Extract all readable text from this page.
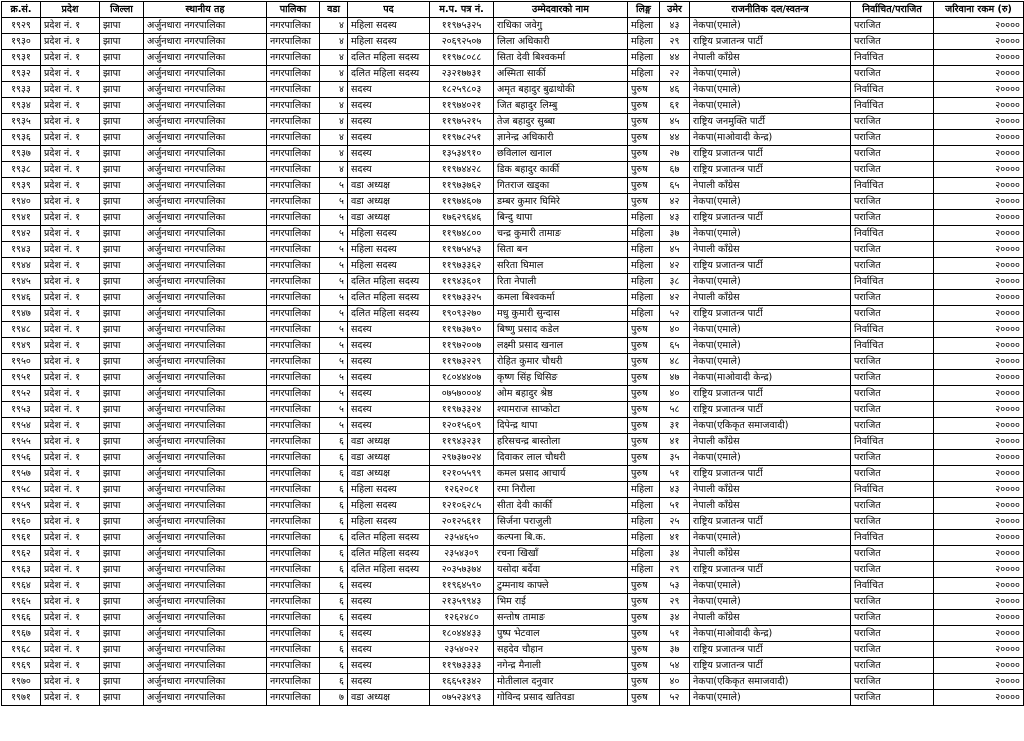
क्र.सं.	प्रदेश	जिल्ला	स्थानीय तह	पालिका	वडा	पद	म.प. पत्र नं.	उम्मेदवारको नाम	लिङ्ग	उमेर	राजनीतिक दल/स्वतन्त्र	निर्वाचित/पराजित	जरिवाना रकम (रु)
१९२९	प्रदेश नं. १	झापा	अर्जुनधारा नगरपालिका	नगरपालिका	४	महिला सदस्य	११९७५३२५	राधिका जवेगु	महिला	४३	नेकपा(एमाले)	पराजित	२००००
१९३०	प्रदेश नं. १	झापा	अर्जुनधारा नगरपालिका	नगरपालिका	४	महिला सदस्य	२०६९२५०७	लिला अधिकारी	महिला	२९	राष्ट्रिय प्रजातन्त्र पार्टी	पराजित	२००००
१९३१	प्रदेश नं. १	झापा	अर्जुनधारा नगरपालिका	नगरपालिका	४	दलित महिला सदस्य	११९७८०८८	सिता देवी बिश्वकर्मा	महिला	४४	नेपाली काँग्रेस	निर्वाचित	२००००
१९३२	प्रदेश नं. १	झापा	अर्जुनधारा नगरपालिका	नगरपालिका	४	दलित महिला सदस्य	२३२१७७३१	अस्मिता सार्की	महिला	२२	नेकपा(एमाले)	पराजित	२००००
१९३३	प्रदेश नं. १	झापा	अर्जुनधारा नगरपालिका	नगरपालिका	४	सदस्य	१८२५९८०३	अमृत बहादुर बुढाथोकी	पुरुष	४६	नेकपा(एमाले)	निर्वाचित	२००००
१९३४	प्रदेश नं. १	झापा	अर्जुनधारा नगरपालिका	नगरपालिका	४	सदस्य	११९७४०२१	जित बहादुर लिम्बु	पुरुष	६१	नेकपा(एमाले)	निर्वाचित	२००००
१९३५	प्रदेश नं. १	झापा	अर्जुनधारा नगरपालिका	नगरपालिका	४	सदस्य	११९७५२१५	तेज बहादुर सुब्बा	पुरुष	४५	राष्ट्रिय जनमुक्ति पार्टी	पराजित	२००००
१९३६	प्रदेश नं. १	झापा	अर्जुनधारा नगरपालिका	नगरपालिका	४	सदस्य	११९७८२५१	ज्ञानेन्द्र अधिकारी	पुरुष	४४	नेकपा(माओवादी केन्द्र)	पराजित	२००००
१९३७	प्रदेश नं. १	झापा	अर्जुनधारा नगरपालिका	नगरपालिका	४	सदस्य	१३५३४९१०	छविलाल खनाल	पुरुष	२७	राष्ट्रिय प्रजातन्त्र पार्टी	पराजित	२००००
१९३८	प्रदेश नं. १	झापा	अर्जुनधारा नगरपालिका	नगरपालिका	४	सदस्य	११९७४४२८	डिक बहादुर कार्की	पुरुष	६७	राष्ट्रिय प्रजातन्त्र पार्टी	पराजित	२००००
१९३९	प्रदेश नं. १	झापा	अर्जुनधारा नगरपालिका	नगरपालिका	५	वडा अध्यक्ष	११९७३७६२	गितराज खड्का	पुरुष	६५	नेपाली काँग्रेस	निर्वाचित	२००००
१९४०	प्रदेश नं. १	झापा	अर्जुनधारा नगरपालिका	नगरपालिका	५	वडा अध्यक्ष	११९७४६०७	डम्बर कुमार घिमिरे	पुरुष	४२	नेकपा(एमाले)	पराजित	२००००
१९४१	प्रदेश नं. १	झापा	अर्जुनधारा नगरपालिका	नगरपालिका	५	वडा अध्यक्ष	१७६२९६४६	बिन्दु थापा	महिला	४३	राष्ट्रिय प्रजातन्त्र पार्टी	पराजित	२००००
१९४२	प्रदेश नं. १	झापा	अर्जुनधारा नगरपालिका	नगरपालिका	५	महिला सदस्य	११९७४८००	चन्द्र कुमारी तामाङ	महिला	३७	नेकपा(एमाले)	निर्वाचित	२००००
१९४३	प्रदेश नं. १	झापा	अर्जुनधारा नगरपालिका	नगरपालिका	५	महिला सदस्य	११९७५४५३	सिता बन	महिला	४५	नेपाली काँग्रेस	पराजित	२००००
१९४४	प्रदेश नं. १	झापा	अर्जुनधारा नगरपालिका	नगरपालिका	५	महिला सदस्य	११९७३३६२	सरिता घिमाल	महिला	४२	राष्ट्रिय प्रजातन्त्र पार्टी	पराजित	२००००
१९४५	प्रदेश नं. १	झापा	अर्जुनधारा नगरपालिका	नगरपालिका	५	दलित महिला सदस्य	११९४३६०१	रिता नेपाली	महिला	३८	नेकपा(एमाले)	निर्वाचित	२००००
१९४६	प्रदेश नं. १	झापा	अर्जुनधारा नगरपालिका	नगरपालिका	५	दलित महिला सदस्य	११९७३३२५	कमला बिश्वकर्मा	महिला	४२	नेपाली काँग्रेस	पराजित	२००००
१९४७	प्रदेश नं. १	झापा	अर्जुनधारा नगरपालिका	नगरपालिका	५	दलित महिला सदस्य	१९०९३२७०	मधु कुमारी सुन्दास	महिला	५२	राष्ट्रिय प्रजातन्त्र पार्टी	पराजित	२००००
१९४८	प्रदेश नं. १	झापा	अर्जुनधारा नगरपालिका	नगरपालिका	५	सदस्य	११९७३७९०	बिष्णु प्रसाद कडेल	पुरुष	४०	नेकपा(एमाले)	निर्वाचित	२००००
१९४९	प्रदेश नं. १	झापा	अर्जुनधारा नगरपालिका	नगरपालिका	५	सदस्य	११९७२००७	लक्ष्मी प्रसाद खनाल	पुरुष	६५	नेकपा(एमाले)	निर्वाचित	२००००
१९५०	प्रदेश नं. १	झापा	अर्जुनधारा नगरपालिका	नगरपालिका	५	सदस्य	११९७३२२९	रोहित कुमार चौधरी	पुरुष	४८	नेकपा(एमाले)	पराजित	२००००
१९५१	प्रदेश नं. १	झापा	अर्जुनधारा नगरपालिका	नगरपालिका	५	सदस्य	१८०४४४०७	कृष्ण सिंह धिसिङ	पुरुष	४७	नेकपा(माओवादी केन्द्र)	पराजित	२००००
१९५२	प्रदेश नं. १	झापा	अर्जुनधारा नगरपालिका	नगरपालिका	५	सदस्य	०७५७०००४	ओम बहादुर श्रेष्ठ	पुरुष	४०	राष्ट्रिय प्रजातन्त्र पार्टी	पराजित	२००००
१९५३	प्रदेश नं. १	झापा	अर्जुनधारा नगरपालिका	नगरपालिका	५	सदस्य	११९७३३२४	श्यामराज साप्कोटा	पुरुष	५८	राष्ट्रिय प्रजातन्त्र पार्टी	पराजित	२००००
१९५४	प्रदेश नं. १	झापा	अर्जुनधारा नगरपालिका	नगरपालिका	५	सदस्य	१२०१५६०९	दिपेन्द्र थापा	पुरुष	३१	नेकपा(एकिकृत समाजवादी)	पराजित	२००००
१९५५	प्रदेश नं. १	झापा	अर्जुनधारा नगरपालिका	नगरपालिका	६	वडा अध्यक्ष	११९४३२३१	हरिसचन्द्र बास्तोला	पुरुष	४१	नेपाली काँग्रेस	निर्वाचित	२००००
१९५६	प्रदेश नं. १	झापा	अर्जुनधारा नगरपालिका	नगरपालिका	६	वडा अध्यक्ष	२९७३७०२४	दिवाकर लाल चौधरी	पुरुष	३५	नेकपा(एमाले)	पराजित	२००००
१९५७	प्रदेश नं. १	झापा	अर्जुनधारा नगरपालिका	नगरपालिका	६	वडा अध्यक्ष	१२१०५५९९	कमल प्रसाद आचार्य	पुरुष	५१	राष्ट्रिय प्रजातन्त्र पार्टी	पराजित	२००००
१९५८	प्रदेश नं. १	झापा	अर्जुनधारा नगरपालिका	नगरपालिका	६	महिला सदस्य	१२६२०८१	रमा निरौला	महिला	४३	नेपाली काँग्रेस	निर्वाचित	२००००
१९५९	प्रदेश नं. १	झापा	अर्जुनधारा नगरपालिका	नगरपालिका	६	महिला सदस्य	१२१०६२८५	सीता देवी कार्की	महिला	५१	नेपाली काँग्रेस	पराजित	२००००
१९६०	प्रदेश नं. १	झापा	अर्जुनधारा नगरपालिका	नगरपालिका	६	महिला सदस्य	२०१२५६११	सिर्जना पराजुली	महिला	२५	राष्ट्रिय प्रजातन्त्र पार्टी	पराजित	२००००
१९६१	प्रदेश नं. १	झापा	अर्जुनधारा नगरपालिका	नगरपालिका	६	दलित महिला सदस्य	२३५४६५०	कल्पना बि.क.	महिला	४१	नेकपा(एमाले)	निर्वाचित	२००००
१९६२	प्रदेश नं. १	झापा	अर्जुनधारा नगरपालिका	नगरपालिका	६	दलित महिला सदस्य	२३५४३०९	रचना खिखाँ	महिला	३४	नेपाली काँग्रेस	पराजित	२००००
१९६३	प्रदेश नं. १	झापा	अर्जुनधारा नगरपालिका	नगरपालिका	६	दलित महिला सदस्य	२०३५७३७४	यसोदा बर्देवा	महिला	२९	राष्ट्रिय प्रजातन्त्र पार्टी	पराजित	२००००
१९६४	प्रदेश नं. १	झापा	अर्जुनधारा नगरपालिका	नगरपालिका	६	सदस्य	११९६४५९०	टुम्मनाथ काफ्ले	पुरुष	५३	नेकपा(एमाले)	निर्वाचित	२००००
१९६५	प्रदेश नं. १	झापा	अर्जुनधारा नगरपालिका	नगरपालिका	६	सदस्य	२१३५९९४३	भिम राई	पुरुष	२९	नेकपा(एमाले)	पराजित	२००००
१९६६	प्रदेश नं. १	झापा	अर्जुनधारा नगरपालिका	नगरपालिका	६	सदस्य	१२६२४८०	सन्तोष तामाङ	पुरुष	३४	नेपाली काँग्रेस	पराजित	२००००
१९६७	प्रदेश नं. १	झापा	अर्जुनधारा नगरपालिका	नगरपालिका	६	सदस्य	१८०४४४३३	पुष्प भेटवाल	पुरुष	५१	नेकपा(माओवादी केन्द्र)	पराजित	२००००
१९६८	प्रदेश नं. १	झापा	अर्जुनधारा नगरपालिका	नगरपालिका	६	सदस्य	२३५४०२२	सहदेव चौहान	पुरुष	३७	राष्ट्रिय प्रजातन्त्र पार्टी	पराजित	२००००
१९६९	प्रदेश नं. १	झापा	अर्जुनधारा नगरपालिका	नगरपालिका	६	सदस्य	११९७३३३३	नगेन्द्र मैनाली	पुरुष	५४	राष्ट्रिय प्रजातन्त्र पार्टी	पराजित	२००००
१९७०	प्रदेश नं. १	झापा	अर्जुनधारा नगरपालिका	नगरपालिका	६	सदस्य	१६६५१३४२	मोतीलाल दनुवार	पुरुष	४०	नेकपा(एकिकृत समाजवादी)	पराजित	२००००
१९७१	प्रदेश नं. १	झापा	अर्जुनधारा नगरपालिका	नगरपालिका	७	वडा अध्यक्ष	०७५२३४९३	गोविन्द प्रसाद खतिवडा	पुरुष	५२	नेकपा(एमाले)	पराजित	२००००
